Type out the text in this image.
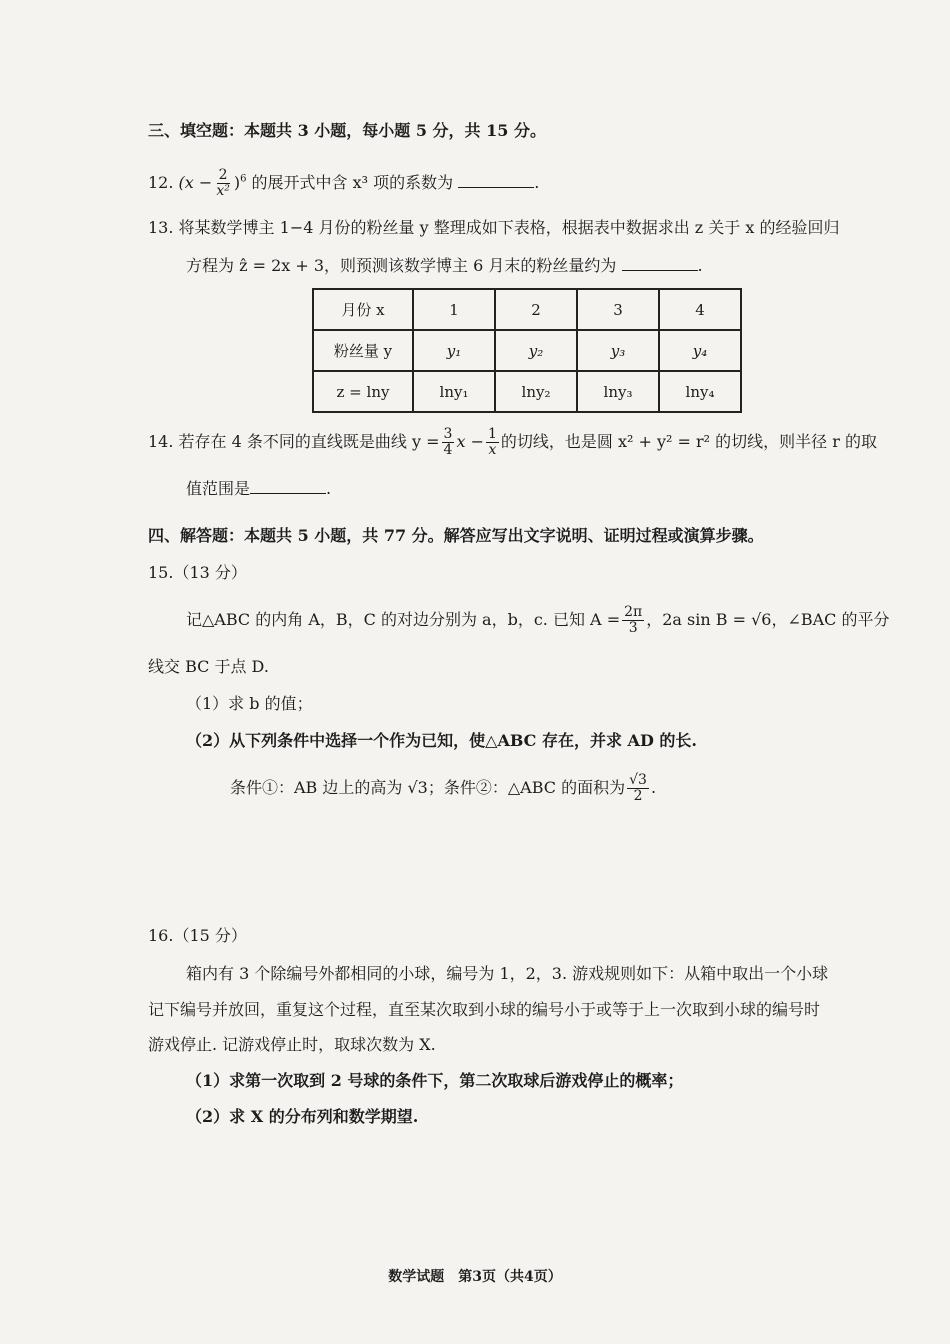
三、填空题：本题共 3 小题，每小题 5 分，共 15 分。
12. $(x - \frac{2}{\text{x²}} )^6$ 的展开式中含 x³ 项的系数为	.
13. 将某数学博主 1−4 月份的粉丝量 y 整理成如下表格，根据表中数据求出 z 关于 x 的经验回归
方程为 ẑ = 2x + 3，则预测该数学博主 6 月末的粉丝量约为	.
月份 x	1	2	3	4
粉丝量 y	y₁	y₂	y₃	y₄
z = lny	lny₁	lny₂	lny₃	lny₄
14. 若存在 4 条不同的直线既是曲线 $y = \frac{3}{4}$ $x - \frac{1}{x}$ 的切线，也是圆 x² + y² = r² 的切线，则半径 r 的取
值范围是	.
四、解答题：本题共 5 小题，共 77 分。解答应写出文字说明、证明过程或演算步骤。
15.（13 分）
记△ABC 的内角 A，B，C 的对边分别为 a，b，c. 已知 $A = \frac{2\pi}{3}$ ，2a sin B = √6，∠BAC 的平分
线交 BC 于点 D.
（1）求 b 的值；
（2）从下列条件中选择一个作为已知，使△ABC 存在，并求 AD 的长.
条件①：AB 边上的高为 √3；条件②：△ABC 的面积为 $\frac{√3}{2}$ .
16.（15 分）
箱内有 3 个除编号外都相同的小球，编号为 1，2，3. 游戏规则如下：从箱中取出一个小球
记下编号并放回，重复这个过程，直至某次取到小球的编号小于或等于上一次取到小球的编号时
游戏停止. 记游戏停止时，取球次数为 X.
（1）求第一次取到 2 号球的条件下，第二次取球后游戏停止的概率；
（2）求 X 的分布列和数学期望.
数学试题　第3页（共4页）
